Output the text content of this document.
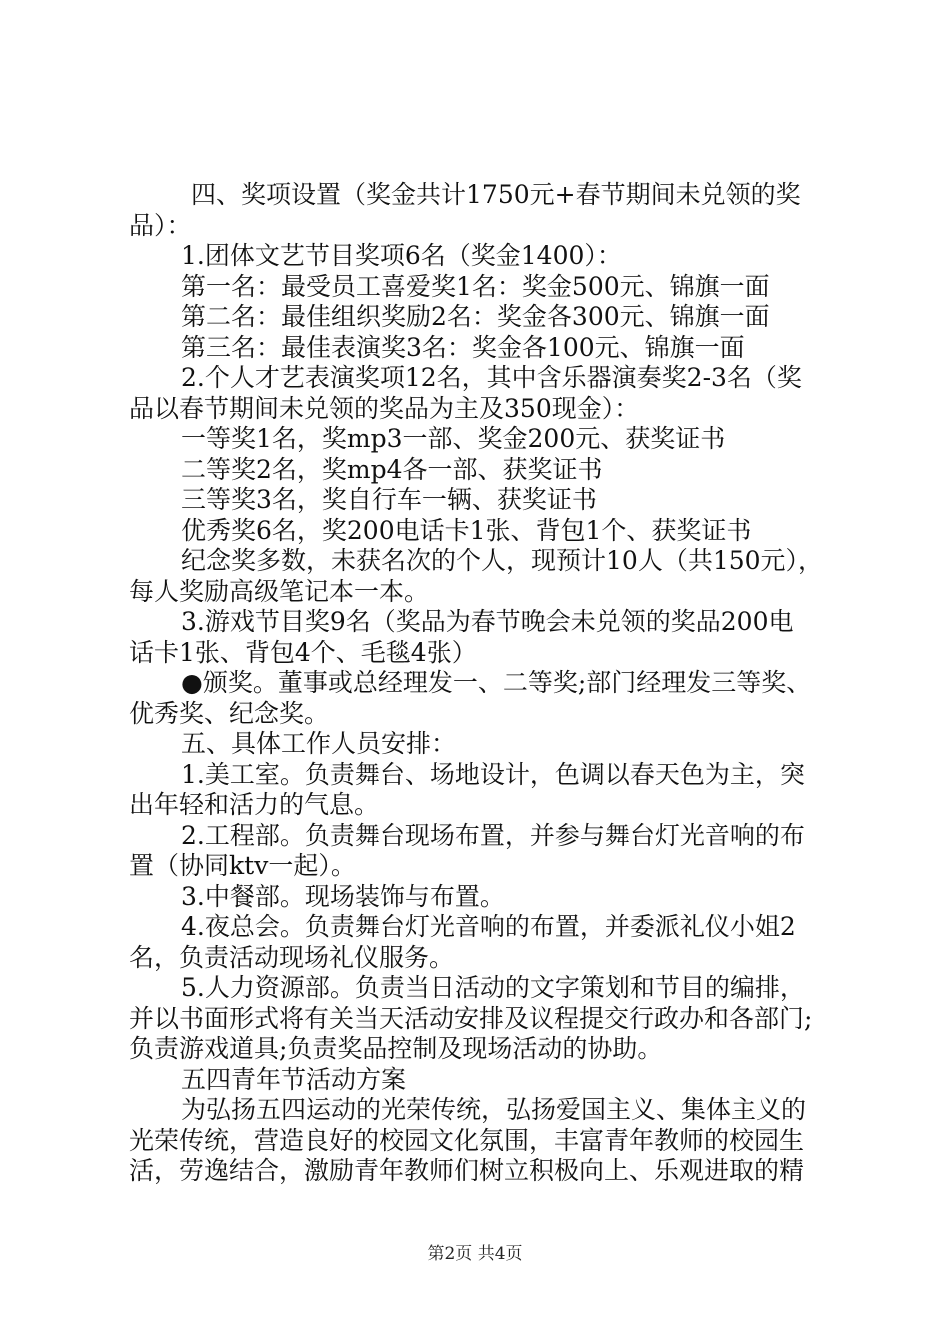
四、奖项设置（奖金共计1750元+春节期间未兑领的奖
品）：
1.团体文艺节目奖项6名（奖金1400）：
第一名：最受员工喜爱奖1名：奖金500元、锦旗一面
第二名：最佳组织奖励2名：奖金各300元、锦旗一面
第三名：最佳表演奖3名：奖金各100元、锦旗一面
2.个人才艺表演奖项12名，其中含乐器演奏奖2-3名（奖
品以春节期间未兑领的奖品为主及350现金）：
一等奖1名，奖mp3一部、奖金200元、获奖证书
二等奖2名，奖mp4各一部、获奖证书
三等奖3名，奖自行车一辆、获奖证书
优秀奖6名，奖200电话卡1张、背包1个、获奖证书
纪念奖多数，未获名次的个人，现预计10人（共150元），
每人奖励高级笔记本一本。
3.游戏节目奖9名（奖品为春节晚会未兑领的奖品200电
话卡1张、背包4个、毛毯4张）
●颁奖。董事或总经理发一、二等奖;部门经理发三等奖、
优秀奖、纪念奖。
五、具体工作人员安排：
1.美工室。负责舞台、场地设计，色调以春天色为主，突
出年轻和活力的气息。
2.工程部。负责舞台现场布置，并参与舞台灯光音响的布
置（协同ktv一起）。
3.中餐部。现场装饰与布置。
4.夜总会。负责舞台灯光音响的布置，并委派礼仪小姐2
名，负责活动现场礼仪服务。
5.人力资源部。负责当日活动的文字策划和节目的编排，
并以书面形式将有关当天活动安排及议程提交行政办和各部门;
负责游戏道具;负责奖品控制及现场活动的协助。
五四青年节活动方案
为弘扬五四运动的光荣传统，弘扬爱国主义、集体主义的
光荣传统，营造良好的校园文化氛围，丰富青年教师的校园生
活，劳逸结合，激励青年教师们树立积极向上、乐观进取的精
第2页 共4页
